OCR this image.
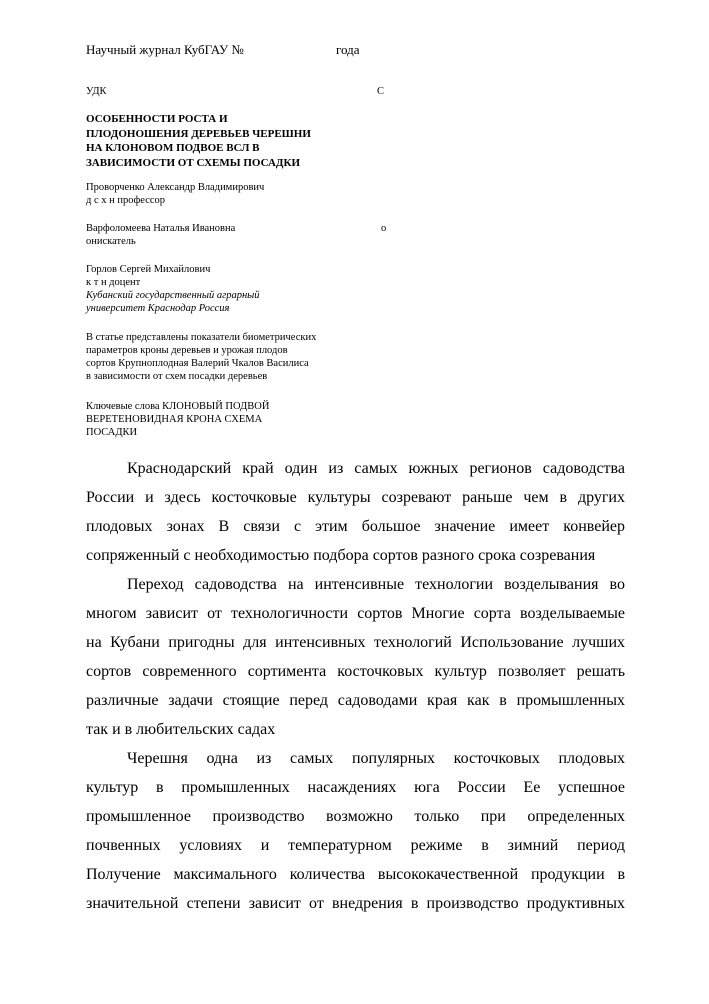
Научный журнал КубГАУ №	года
УДК	С
ОСОБЕННОСТИ РОСТА И
ПЛОДОНОШЕНИЯ ДЕРЕВЬЕВ ЧЕРЕШНИ
НА КЛОНОВОМ ПОДВОЕ ВСЛ В
ЗАВИСИМОСТИ ОТ СХЕМЫ ПОСАДКИ
Проворченко Александр Владимирович
д с х н профессор
Варфоломеева Наталья Ивановна
онискатель
о
Горлов Сергей Михайлович
к т н доцент
Кубанский государственный аграрный
университет Краснодар Россия
В статье представлены показатели биометрических
параметров кроны деревьев и урожая плодов
сортов Крупноплодная Валерий Чкалов Василиса
в зависимости от схем посадки деревьев
Ключевые слова КЛОНОВЫЙ ПОДВОЙ
ВЕРЕТЕНОВИДНАЯ КРОНА СХЕМА
ПОСАДКИ
Краснодарский край один из самых южных регионов садоводства
России и здесь косточковые культуры созревают раньше чем в других
плодовых зонах В связи с этим большое значение имеет конвейер
сопряженный с необходимостью подбора сортов разного срока созревания
Переход садоводства на интенсивные технологии возделывания во
многом зависит от технологичности сортов Многие сорта возделываемые
на Кубани пригодны для интенсивных технологий Использование лучших
сортов современного сортимента косточковых культур позволяет решать
различные задачи стоящие перед садоводами края как в промышленных
так и в любительских садах
Черешня одна из самых популярных косточковых плодовых
культур в промышленных насаждениях юга России Ее успешное
промышленное производство возможно только при определенных
почвенных условиях и температурном режиме в зимний период
Получение максимального количества высококачественной продукции в
значительной степени зависит от внедрения в производство продуктивных
